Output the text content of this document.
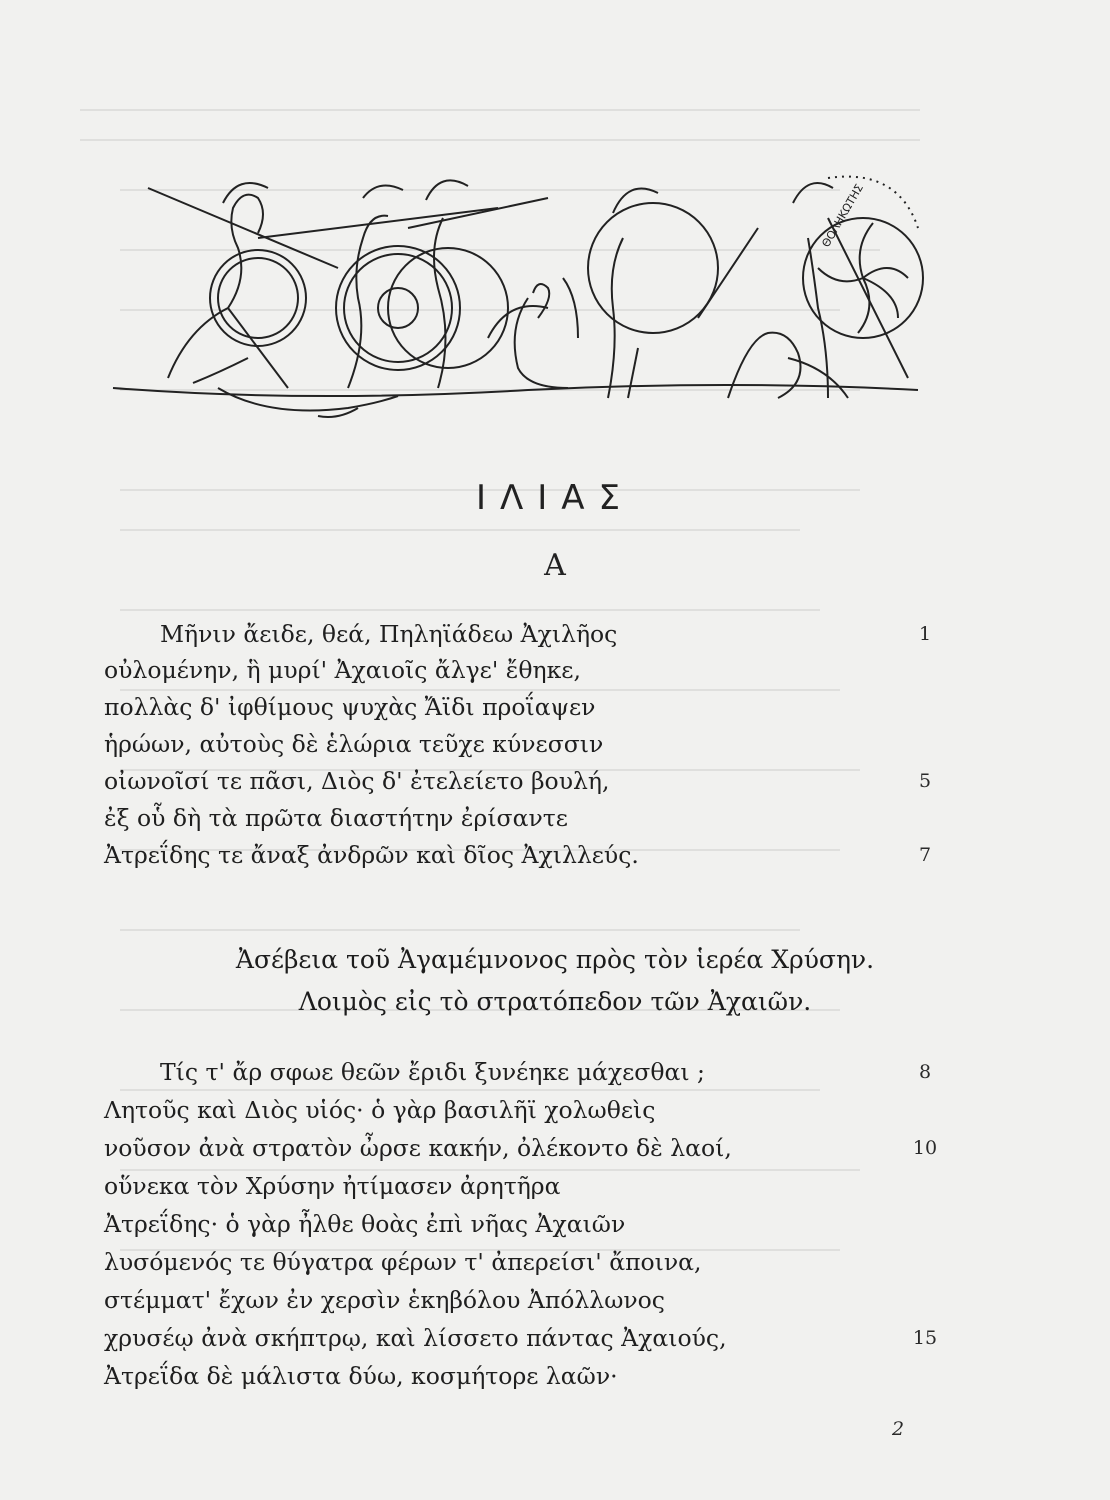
ΘΟΛΗΚΩΤΗΣ
ΙΛΙΑΣ
Α
Μῆνιν ἄειδε, θεά, Πηληϊάδεω Ἀχιλῆος	1
οὐλομένην, ἣ μυρί' Ἀχαιοῖς ἄλγε' ἔθηκε,
πολλὰς δ' ἰφθίμους ψυχὰς Ἄϊδι προΐαψεν
ἡρώων, αὐτοὺς δὲ ἑλώρια τεῦχε κύνεσσιν
οἰωνοῖσί τε πᾶσι, Διὸς δ' ἐτελείετο βουλή,	5
ἐξ οὗ δὴ τὰ πρῶτα διαστήτην ἐρίσαντε
Ἀτρεΐδης τε ἄναξ ἀνδρῶν καὶ δῖος Ἀχιλλεύς.	7
Ἀσέβεια τοῦ Ἀγαμέμνονος πρὸς τὸν ἱερέα Χρύσην.
Λοιμὸς εἰς τὸ στρατόπεδον τῶν Ἀχαιῶν.
Τίς τ' ἄρ σφωε θεῶν ἔριδι ξυνέηκε μάχεσθαι ;	8
Λητοῦς καὶ Διὸς υἱός· ὁ γὰρ βασιλῆϊ χολωθεὶς
νοῦσον ἀνὰ στρατὸν ὦρσε κακήν, ὀλέκοντο δὲ λαοί,	10
οὕνεκα τὸν Χρύσην ἠτίμασεν ἀρητῆρα
Ἀτρεΐδης· ὁ γὰρ ἦλθε θοὰς ἐπὶ νῆας Ἀχαιῶν
λυσόμενός τε θύγατρα φέρων τ' ἀπερείσι' ἄποινα,
στέμματ' ἔχων ἐν χερσὶν ἑκηβόλου Ἀπόλλωνος
χρυσέῳ ἀνὰ σκήπτρῳ, καὶ λίσσετο πάντας Ἀχαιούς,	15
Ἀτρεΐδα δὲ μάλιστα δύω, κοσμήτορε λαῶν·
2
